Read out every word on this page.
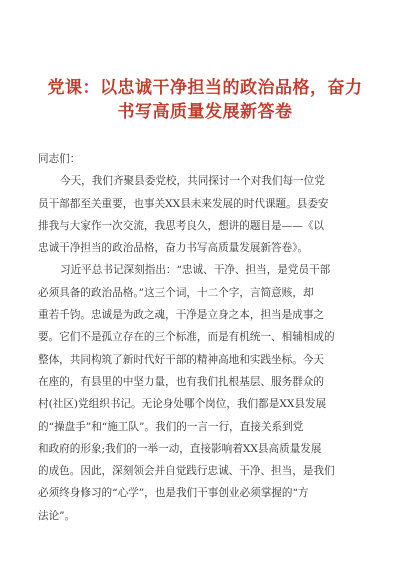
党课：以忠诚干净担当的政治品格，奋力
书写高质量发展新答卷
同志们：
今天，我们齐聚县委党校，共同探讨一个对我们每一位党
员干部都至关重要，也事关XX县未来发展的时代课题。县委安
排我与大家作一次交流，我思考良久，想讲的题目是——《以
忠诚干净担当的政治品格，奋力书写高质量发展新答卷》。
习近平总书记深刻指出：“忠诚、干净、担当，是党员干部
必须具备的政治品格。”这三个词，十二个字，言简意赅，却
重若千钧。忠诚是为政之魂，干净是立身之本，担当是成事之
要。它们不是孤立存在的三个标准，而是有机统一、相辅相成的
整体，共同构筑了新时代好干部的精神高地和实践坐标。今天
在座的，有县里的中坚力量，也有我们扎根基层、服务群众的
村(社区)党组织书记。无论身处哪个岗位，我们都是XX县发展
的“操盘手”和“施工队”。我们的一言一行，直接关系到党
和政府的形象;我们的一举一动，直接影响着XX县高质量发展
的成色。因此，深刻领会并自觉践行忠诚、干净、担当，是我们
必须终身修习的“心学”，也是我们干事创业必须掌握的“方
法论”。
